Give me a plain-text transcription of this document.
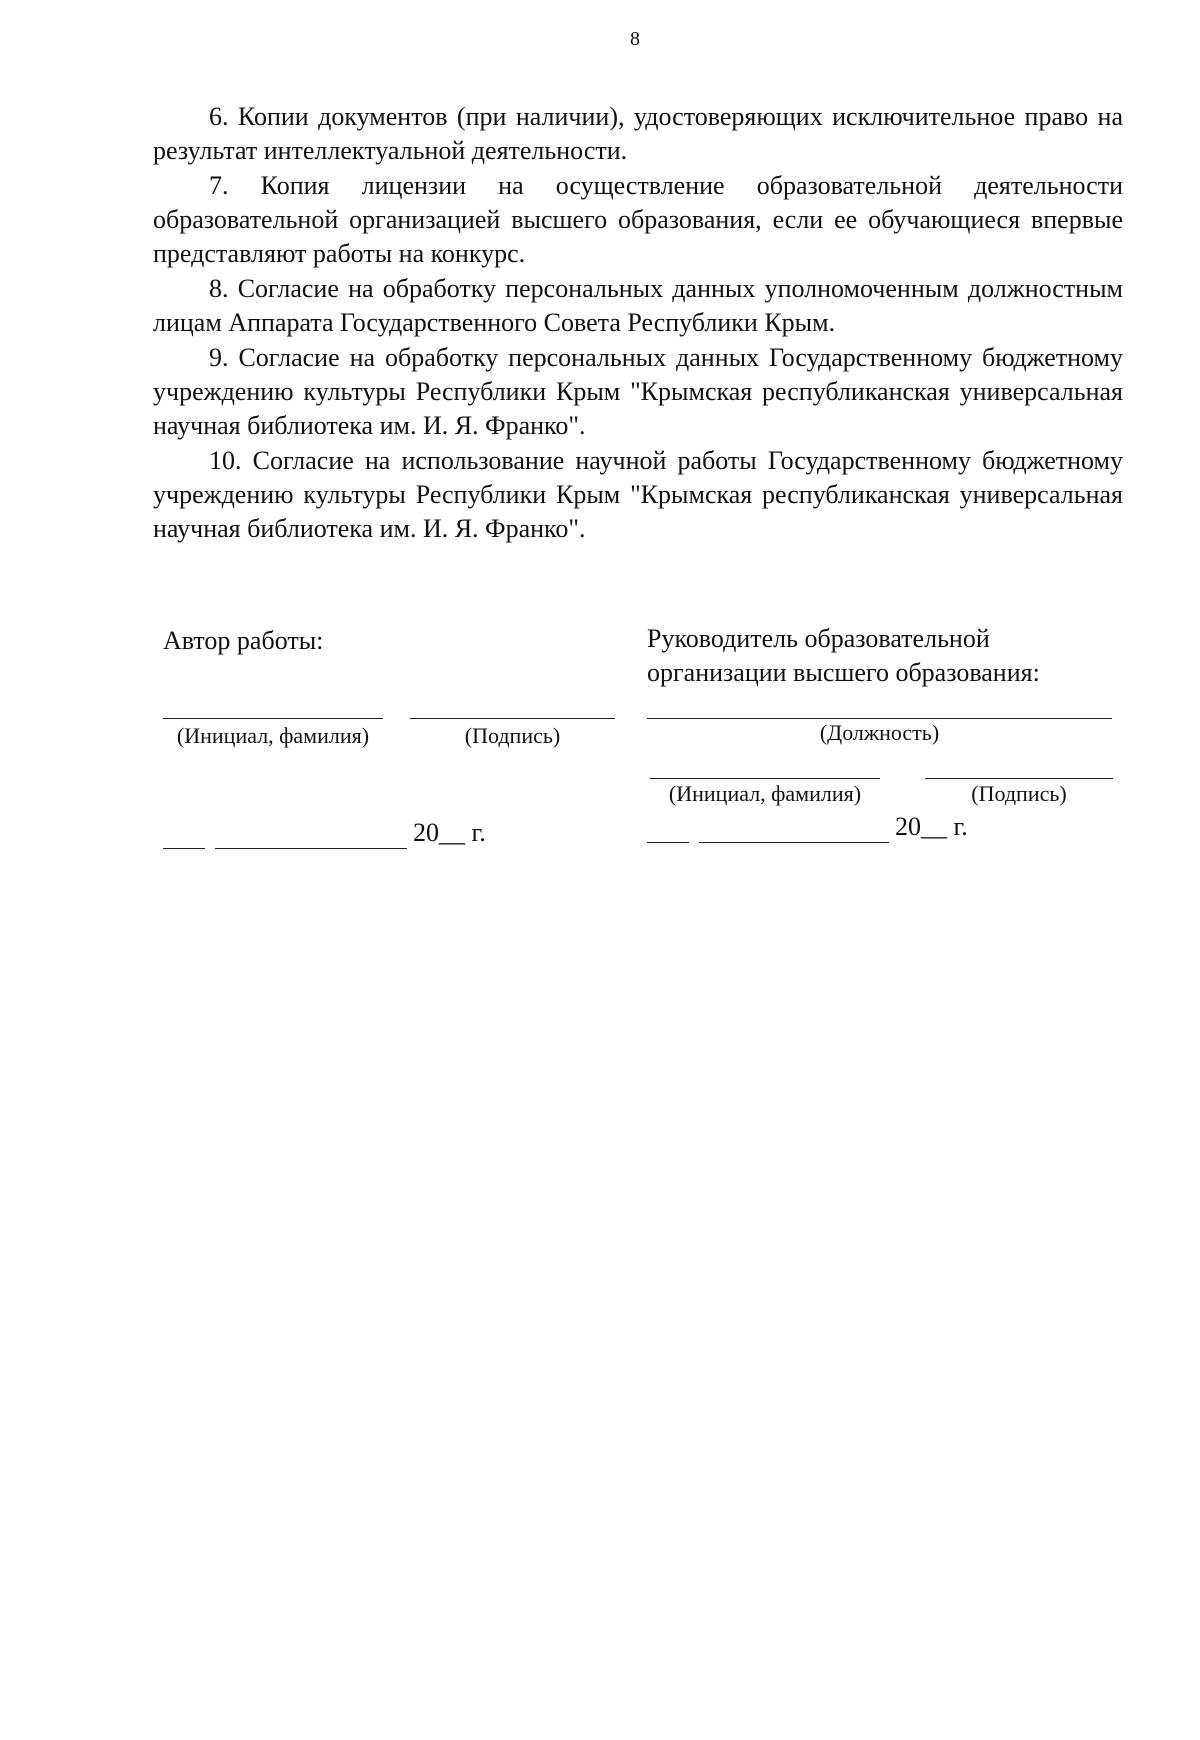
8

6. Копии документов (при наличии), удостоверяющих исключительное право на результат интеллектуальной деятельности.

7. Копия лицензии на осуществление образовательной деятельности образовательной организацией высшего образования, если ее обучающиеся впервые представляют работы на конкурс.

8. Согласие на обработку персональных данных уполномоченным должностным лицам Аппарата Государственного Совета Республики Крым.

9. Согласие на обработку персональных данных Государственному бюджетному учреждению культуры Республики Крым "Крымская республиканская универсальная научная библиотека им. И. Я. Франко".

10. Согласие на использование научной работы Государственному бюджетному учреждению культуры Республики Крым "Крымская республиканская универсальная научная библиотека им. И. Я. Франко".

Автор работы:
(Инициал, фамилия)	(Подпись)
20__ г.
Руководитель образовательной
организации высшего образования:
(Должность)
(Инициал, фамилия)	(Подпись)
20__ г.
